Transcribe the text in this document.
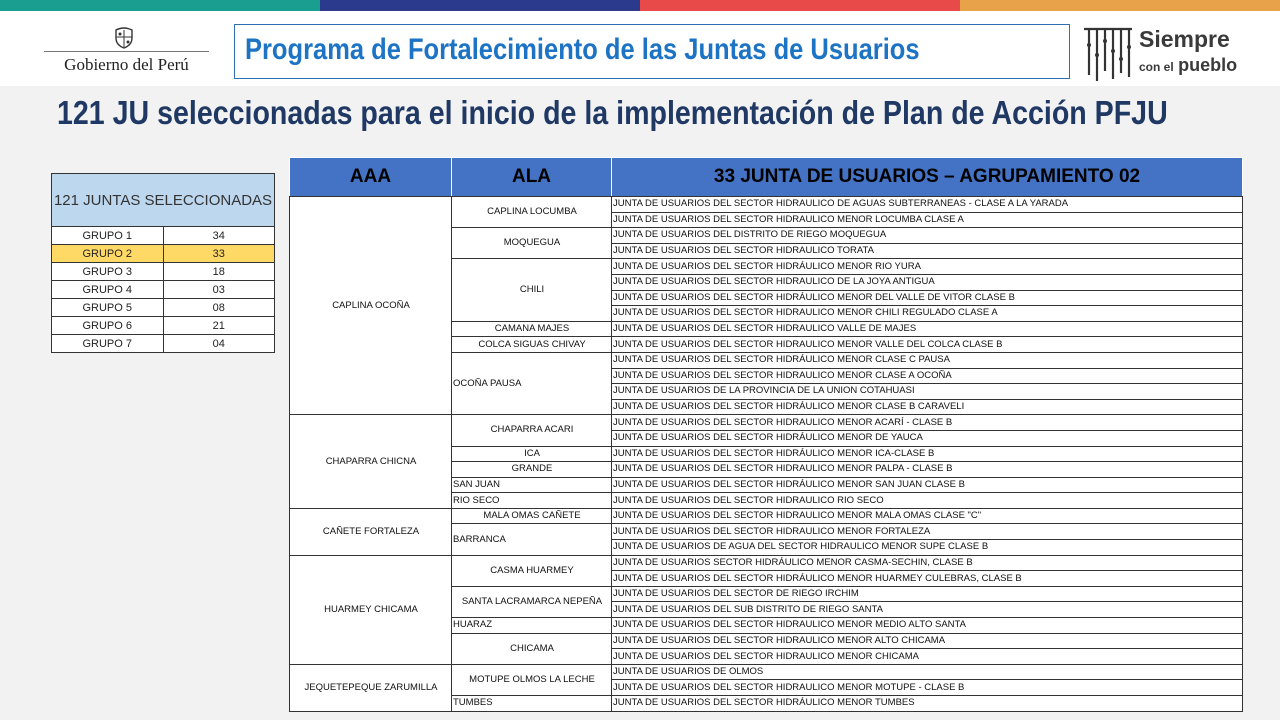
Gobierno del Perú	Programa de Fortalecimiento de las Juntas de Usuarios	Siempre
con el pueblo
121 JU seleccionadas para el inicio de la implementación de Plan de Acción PFJU
121 JUNTAS SELECCIONADAS	
GRUPO 1	34
GRUPO 2	33
GRUPO 3	18
GRUPO 4	03
GRUPO 5	08
GRUPO 6	21
GRUPO 7	04
AAA	ALA	33 JUNTA DE USUARIOS – AGRUPAMIENTO 02
CAPLINA OCOÑA	CAPLINA LOCUMBA	JUNTA DE USUARIOS DEL SECTOR HIDRAULICO DE AGUAS SUBTERRANEAS - CLASE A LA YARADA
		JUNTA DE USUARIOS DEL SECTOR HIDRAULICO MENOR LOCUMBA CLASE A
	MOQUEGUA	JUNTA DE USUARIOS DEL DISTRITO DE RIEGO MOQUEGUA
		JUNTA DE USUARIOS DEL SECTOR HIDRAULICO TORATA
	CHILI	JUNTA DE USUARIOS DEL SECTOR HIDRÁULICO MENOR RIO YURA
		JUNTA DE USUARIOS DEL SECTOR HIDRAULICO DE LA JOYA ANTIGUA
		JUNTA DE USUARIOS DEL SECTOR HIDRÁULICO MENOR DEL VALLE DE VITOR CLASE B
		JUNTA DE USUARIOS DEL SECTOR HIDRAULICO MENOR CHILI REGULADO CLASE A
	CAMANA MAJES	JUNTA DE USUARIOS DEL SECTOR HIDRAULICO VALLE DE MAJES
	COLCA SIGUAS CHIVAY	JUNTA DE USUARIOS DEL SECTOR HIDRAULICO MENOR VALLE DEL COLCA CLASE B
	OCOÑA PAUSA	JUNTA DE USUARIOS DEL SECTOR HIDRÁULICO MENOR CLASE C PAUSA
		JUNTA DE USUARIOS DEL SECTOR HIDRAULICO MENOR CLASE A OCOÑA
		JUNTA DE USUARIOS DE LA PROVINCIA DE LA UNION COTAHUASI
		JUNTA DE USUARIOS DEL SECTOR HIDRÁULICO MENOR CLASE B CARAVELI
CHAPARRA CHICNA	CHAPARRA ACARI	JUNTA DE USUARIOS DEL SECTOR HIDRAULICO MENOR ACARÍ - CLASE B
		JUNTA DE USUARIOS DEL SECTOR HIDRÁULICO MENOR DE YAUCA
	ICA	JUNTA DE USUARIOS DEL SECTOR HIDRÁULICO MENOR ICA-CLASE B
	GRANDE	JUNTA DE USUARIOS DEL SECTOR HIDRAULICO MENOR PALPA - CLASE B
	SAN JUAN	JUNTA DE USUARIOS DEL SECTOR HIDRÁULICO MENOR SAN JUAN CLASE B
	RIO SECO	JUNTA DE USUARIOS DEL SECTOR HIDRAULICO RIO SECO
CAÑETE FORTALEZA	MALA OMAS CAÑETE	JUNTA DE USUARIOS DEL SECTOR HIDRAULICO MENOR MALA OMAS CLASE "C"
	BARRANCA	JUNTA DE USUARIOS DEL SECTOR HIDRAULICO MENOR FORTALEZA
		JUNTA DE USUARIOS DE AGUA DEL SECTOR HIDRAULICO MENOR SUPE CLASE B
HUARMEY CHICAMA	CASMA HUARMEY	JUNTA DE USUARIOS SECTOR HIDRÁULICO MENOR CASMA-SECHIN, CLASE B
		JUNTA DE USUARIOS DEL SECTOR HIDRÁULICO MENOR HUARMEY CULEBRAS, CLASE B
	SANTA LACRAMARCA NEPEÑA	JUNTA DE USUARIOS DEL SECTOR DE RIEGO IRCHIM
		JUNTA DE USUARIOS DEL SUB DISTRITO DE RIEGO SANTA
	HUARAZ	JUNTA DE USUARIOS DEL SECTOR HIDRAULICO MENOR MEDIO ALTO SANTA
	CHICAMA	JUNTA DE USUARIOS DEL SECTOR HIDRAULICO MENOR ALTO CHICAMA
		JUNTA DE USUARIOS DEL SECTOR HIDRAULICO MENOR CHICAMA
JEQUETEPEQUE ZARUMILLA	MOTUPE OLMOS LA LECHE	JUNTA DE USUARIOS DE OLMOS
		JUNTA DE USUARIOS DEL SECTOR HIDRAULICO MENOR MOTUPE - CLASE B
	TUMBES	JUNTA DE USUARIOS DEL SECTOR HIDRÁULICO MENOR TUMBES
